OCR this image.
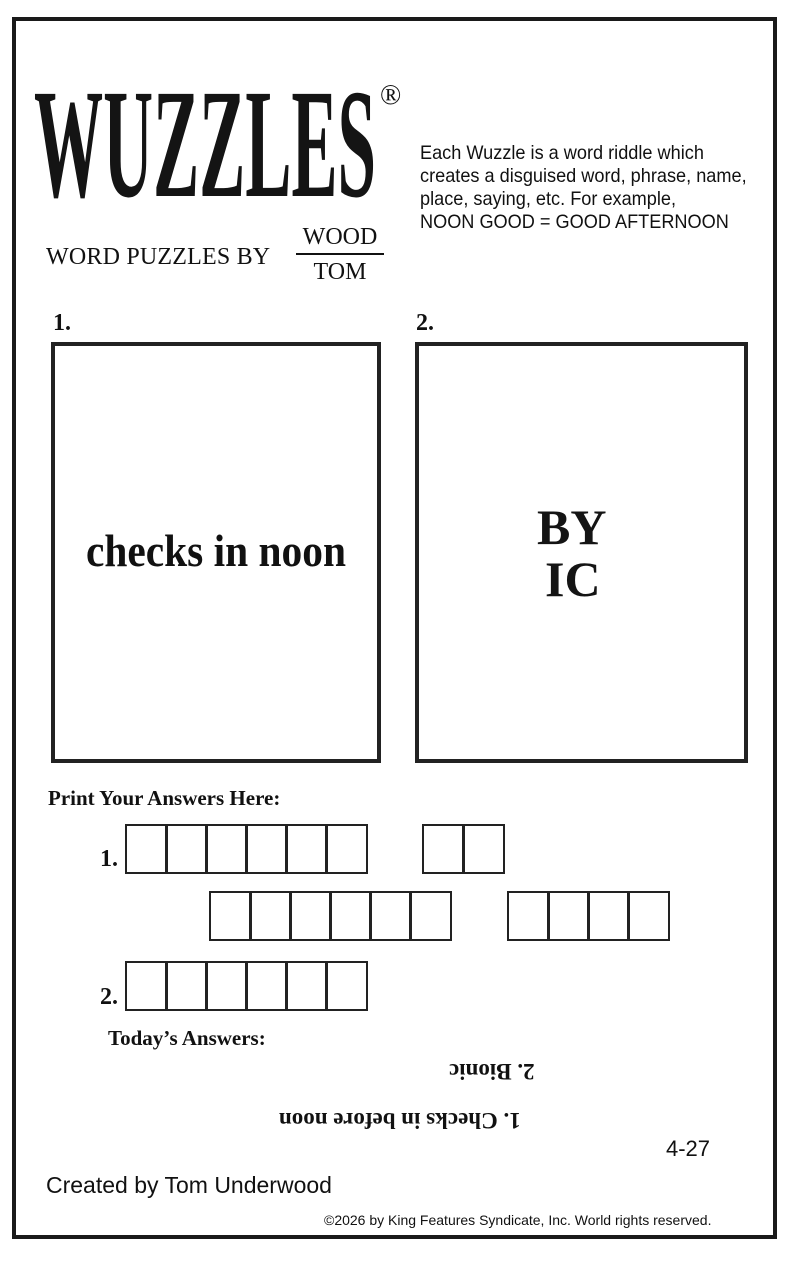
WUZZLES ®
WORD PUZZLES BY
WOOD
TOM
Each Wuzzle is a word riddle which
creates a disguised word, phrase, name,
place, saying, etc. For example,
NOON GOOD = GOOD AFTERNOON
1.	2.
checks in noon	BY
IC
Print Your Answers Here:
1.
2.
Today’s Answers:
2. Bionic
1. Checks in before noon
4-27
Created by Tom Underwood
©2026 by King Features Syndicate, Inc. World rights reserved.
